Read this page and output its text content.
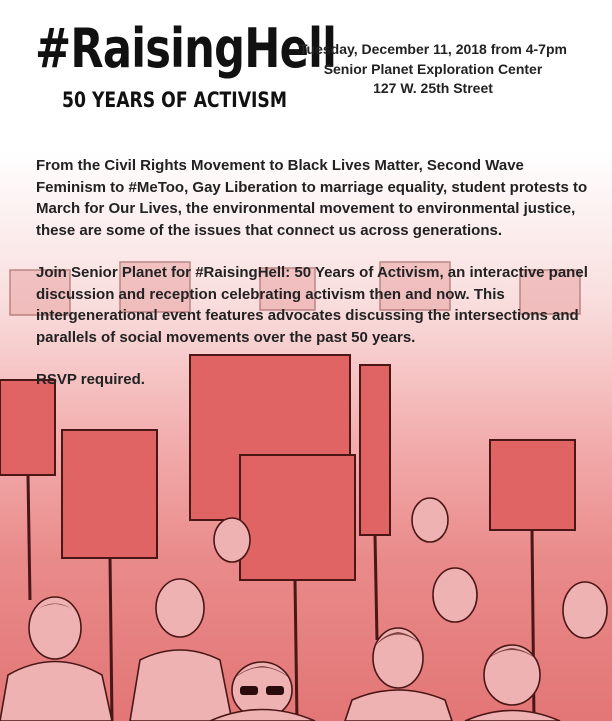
#RaisingHell
50 YEARS OF ACTIVISM
Tuesday, December 11, 2018 from 4-7pm
Senior Planet Exploration Center
127 W. 25th Street

From the Civil Rights Movement to Black Lives Matter, Second Wave Feminism to #MeToo, Gay Liberation to marriage equality, student protests to March for Our Lives, the environmental movement to environmental justice, these are some of the issues that connect us across generations.

Join Senior Planet for #RaisingHell: 50 Years of Activism, an interactive panel discussion and reception celebrating activism then and now. This intergenerational event features advocates discussing the intersections and parallels of social movements over the past 50 years.

RSVP required.
